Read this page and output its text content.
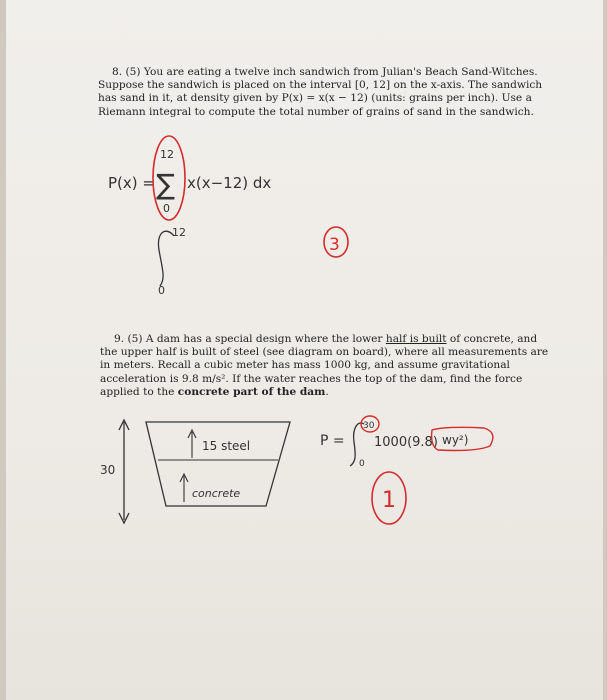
8. (5) You are eating a twelve inch sandwich from Julian's Beach Sand-Witches. Suppose the sandwich is placed on the interval [0, 12] on the x-axis. The sandwich has sand in it, at density given by P(x) = x(x − 12) (units: grains per inch). Use a Riemann integral to compute the total number of grains of sand in the sandwich.
9. (5) A dam has a special design where the lower half is built of concrete, and the upper half is built of steel (see diagram on board), where all measurements are in meters. Recall a cubic meter has mass 1000 kg, and assume gravitational acceleration is 9.8 m/s². If the water reaches the top of the dam, find the force applied to the concrete part of the dam.
P(x) =
12
∑
0
x(x−12) dx
12
0
3
30
15 steel
concrete
P =
30
0
1000(9.8) wy²)
1
